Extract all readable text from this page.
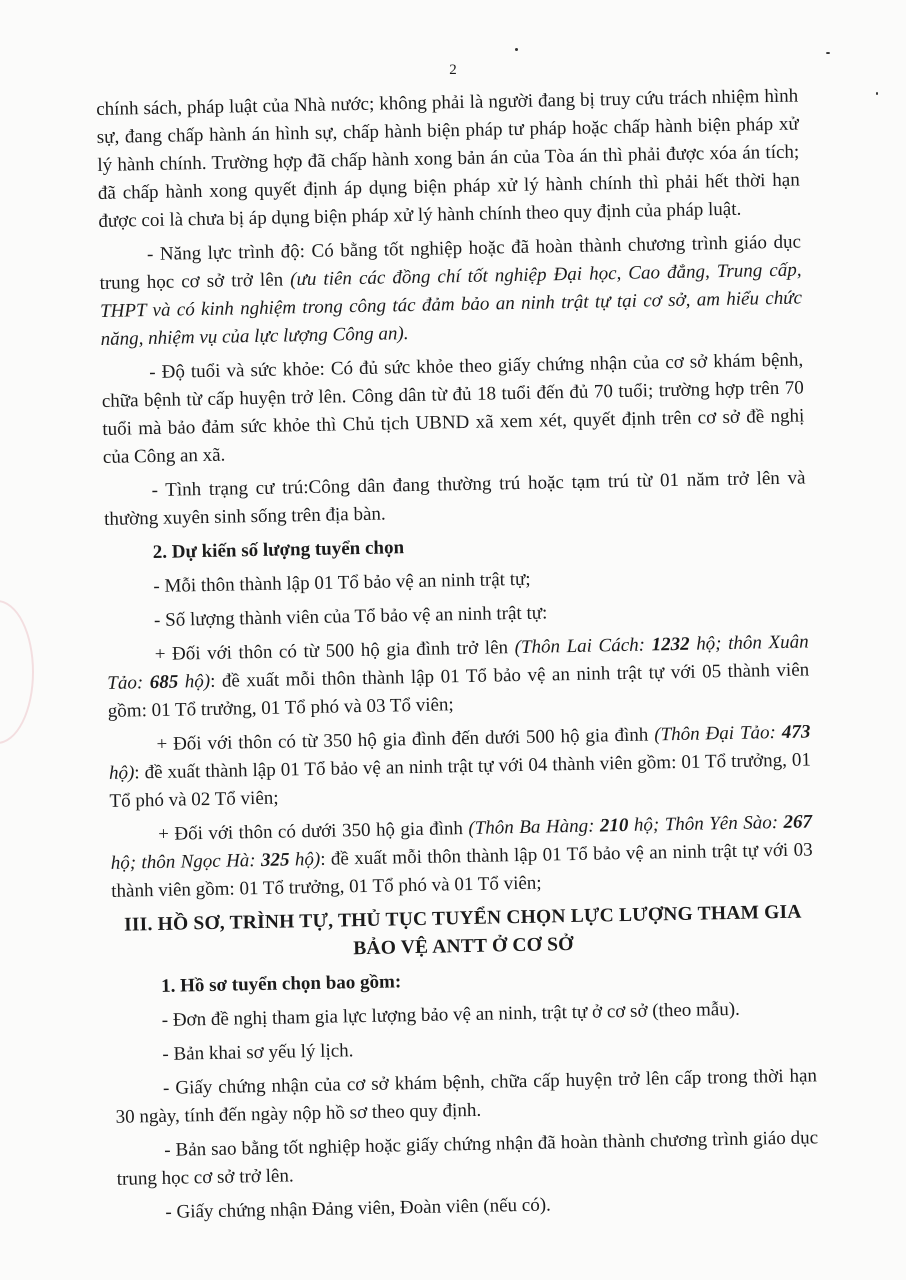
2

chính sách, pháp luật của Nhà nước; không phải là người đang bị truy cứu trách nhiệm hình sự, đang chấp hành án hình sự, chấp hành biện pháp tư pháp hoặc chấp hành biện pháp xử lý hành chính. Trường hợp đã chấp hành xong bản án của Tòa án thì phải được xóa án tích; đã chấp hành xong quyết định áp dụng biện pháp xử lý hành chính thì phải hết thời hạn được coi là chưa bị áp dụng biện pháp xử lý hành chính theo quy định của pháp luật.

- Năng lực trình độ: Có bằng tốt nghiệp hoặc đã hoàn thành chương trình giáo dục trung học cơ sở trở lên (ưu tiên các đồng chí tốt nghiệp Đại học, Cao đẳng, Trung cấp, THPT và có kinh nghiệm trong công tác đảm bảo an ninh trật tự tại cơ sở, am hiểu chức năng, nhiệm vụ của lực lượng Công an).

- Độ tuổi và sức khỏe: Có đủ sức khỏe theo giấy chứng nhận của cơ sở khám bệnh, chữa bệnh từ cấp huyện trở lên. Công dân từ đủ 18 tuổi đến đủ 70 tuổi; trường hợp trên 70 tuổi mà bảo đảm sức khỏe thì Chủ tịch UBND xã xem xét, quyết định trên cơ sở đề nghị của Công an xã.

- Tình trạng cư trú:Công dân đang thường trú hoặc tạm trú từ 01 năm trở lên và thường xuyên sinh sống trên địa bàn.

2. Dự kiến số lượng tuyển chọn

- Mỗi thôn thành lập 01 Tổ bảo vệ an ninh trật tự;

- Số lượng thành viên của Tổ bảo vệ an ninh trật tự:

+ Đối với thôn có từ 500 hộ gia đình trở lên (Thôn Lai Cách: 1232 hộ; thôn Xuân Tảo: 685 hộ): đề xuất mỗi thôn thành lập 01 Tổ bảo vệ an ninh trật tự với 05 thành viên gồm: 01 Tổ trưởng, 01 Tổ phó và 03 Tổ viên;

+ Đối với thôn có từ 350 hộ gia đình đến dưới 500 hộ gia đình (Thôn Đại Tảo: 473 hộ): đề xuất thành lập 01 Tổ bảo vệ an ninh trật tự với 04 thành viên gồm: 01 Tổ trưởng, 01 Tổ phó và 02 Tổ viên;

+ Đối với thôn có dưới 350 hộ gia đình (Thôn Ba Hàng: 210 hộ; Thôn Yên Sào: 267 hộ; thôn Ngọc Hà: 325 hộ): đề xuất mỗi thôn thành lập 01 Tổ bảo vệ an ninh trật tự với 03 thành viên gồm: 01 Tổ trưởng, 01 Tổ phó và 01 Tổ viên;

III. HỒ SƠ, TRÌNH TỰ, THỦ TỤC TUYỂN CHỌN LỰC LƯỢNG THAM GIA BẢO VỆ ANTT Ở CƠ SỞ

1. Hồ sơ tuyển chọn bao gồm:

- Đơn đề nghị tham gia lực lượng bảo vệ an ninh, trật tự ở cơ sở (theo mẫu).

- Bản khai sơ yếu lý lịch.

- Giấy chứng nhận của cơ sở khám bệnh, chữa cấp huyện trở lên cấp trong thời hạn 30 ngày, tính đến ngày nộp hồ sơ theo quy định.

- Bản sao bằng tốt nghiệp hoặc giấy chứng nhận đã hoàn thành chương trình giáo dục trung học cơ sở trở lên.

- Giấy chứng nhận Đảng viên, Đoàn viên (nếu có).
